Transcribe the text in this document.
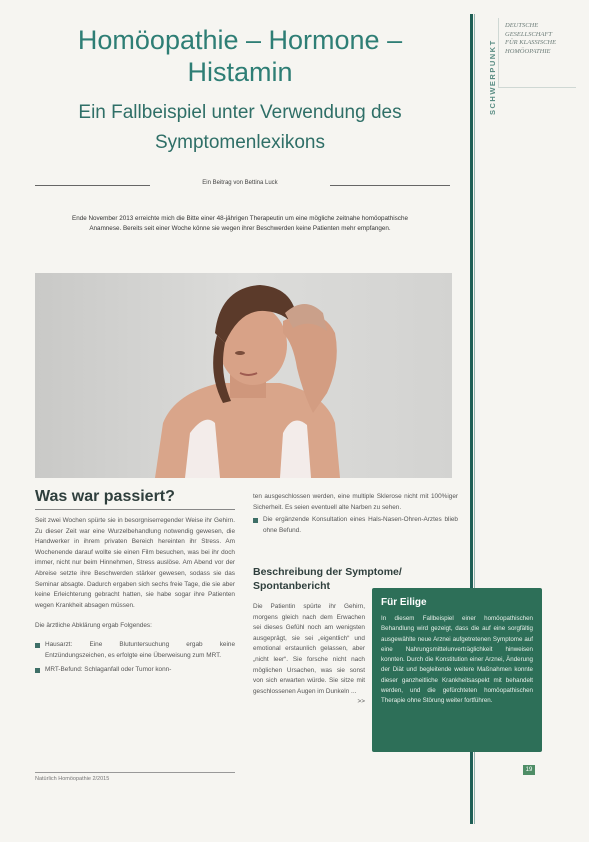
SCHWERPUNKT
DEUTSCHE
GESELLSCHAFT
FÜR KLASSISCHE
HOMÖOPATHIE
Homöopathie – Hormone –
Histamin
Ein Fallbeispiel unter Verwendung des
Symptomenlexikons
Ein Beitrag von Bettina Luck
Ende November 2013 erreichte mich die Bitte einer 48-jährigen Therapeutin um eine mögliche zeitnahe homöopathische Anamnese. Bereits seit einer Woche könne sie wegen ihrer Beschwerden keine Patienten mehr empfangen.
Was war passiert?

Seit zwei Wochen spürte sie in besorgniserregender Weise ihr Gehirn. Zu dieser Zeit war eine Wurzelbehandlung notwendig gewesen, die Handwerker in ihrem privaten Bereich hereinten ihr Stress. Am Wochenende darauf wollte sie einen Film besuchen, was bei ihr doch immer, nicht nur beim Hinnehmen, Stress auslöse. Am Abend vor der Abreise setzte ihre Beschwerden stärker gewesen, sodass sie das Seminar absagte. Dadurch ergaben sich sechs freie Tage, die sie aber keine Erleichterung gebracht hatten, sie habe sogar ihre Patienten wegen Krankheit absagen müssen.

Die ärztliche Abklärung ergab Folgendes:

Hausarzt: Eine Blutuntersuchung ergab keine Entzündungszeichen, es erfolgte eine Überweisung zum MRT.

MRT-Befund: Schlaganfall oder Tumor konn-

ten ausgeschlossen werden, eine multiple Sklerose nicht mit 100%iger Sicherheit. Es seien eventuell alte Narben zu sehen.

Die ergänzende Konsultation eines Hals-Nasen-Ohren-Arztes blieb ohne Befund.

Beschreibung der Symptome/ Spontanbericht

Die Patientin spürte ihr Gehirn, morgens gleich nach dem Erwachen sei dieses Gefühl noch am wenigsten ausgeprägt, sie sei „eigentlich“ und emotional erstaunlich gelassen, aber „nicht leer“. Sie forsche nicht nach möglichen Ursachen, was sie sonst von sich erwarten würde. Sie sitze mit geschlossenen Augen im Dunkeln ...

>>

Für Eilige

In diesem Fallbeispiel einer homöopathischen Behandlung wird gezeigt, dass die auf eine sorgfältig ausgewählte neue Arznei aufgetretenen Symptome auf eine Nahrungsmittelunverträglichkeit hinweisen konnten. Durch die Konstitution einer Arznei, Änderung der Diät und begleitende weitere Maßnahmen konnte dieser ganzheitliche Krankheitsaspekt mit behandelt werden, und die gefürchteten homöopathischen Therapie ohne Störung weiter fortführen.

Natürlich Homöopathie 2/2015
19
